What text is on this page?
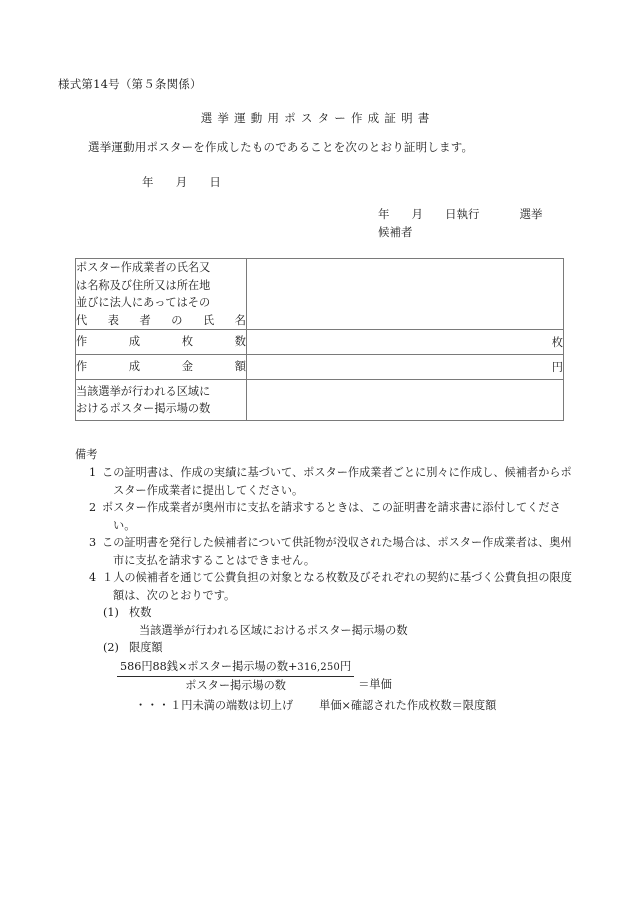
様式第14号（第５条関係）
選挙運動用ポスター作成証明書
選挙運動用ポスターを作成したものであることを次のとおり証明します。
年 月 日
年 月 日執行	選挙
候補者
ポスター作成業者の氏名又
は名称及び住所又は所在地
並びに法人にあってはその
代 表 者 の 氏 名

作 成 枚 数	枚

作 成 金 額	円

当該選挙が行われる区域に
おけるポスター掲示場の数	

備考
1 この証明書は、作成の実績に基づいて、ポスター作成業者ごとに別々に作成し、候補者からポスター作成業者に提出してください。
2 ポスター作成業者が奥州市に支払を請求するときは、この証明書を請求書に添付してください。
3 この証明書を発行した候補者について供託物が没収された場合は、ポスター作成業者は、奥州市に支払を請求することはできません。
4 １人の候補者を通じて公費負担の対象となる枚数及びそれぞれの契約に基づく公費負担の限度額は、次のとおりです。
(1) 枚数
当該選挙が行われる区域におけるポスター掲示場の数
(2) 限度額
$\frac{\text{586円88銭×ポスター掲示場の数+316,250円}}{\text{ポスター掲示場の数}}$ ＝単価
・・・１円未満の端数は切上げ 単価×確認された作成枚数＝限度額
